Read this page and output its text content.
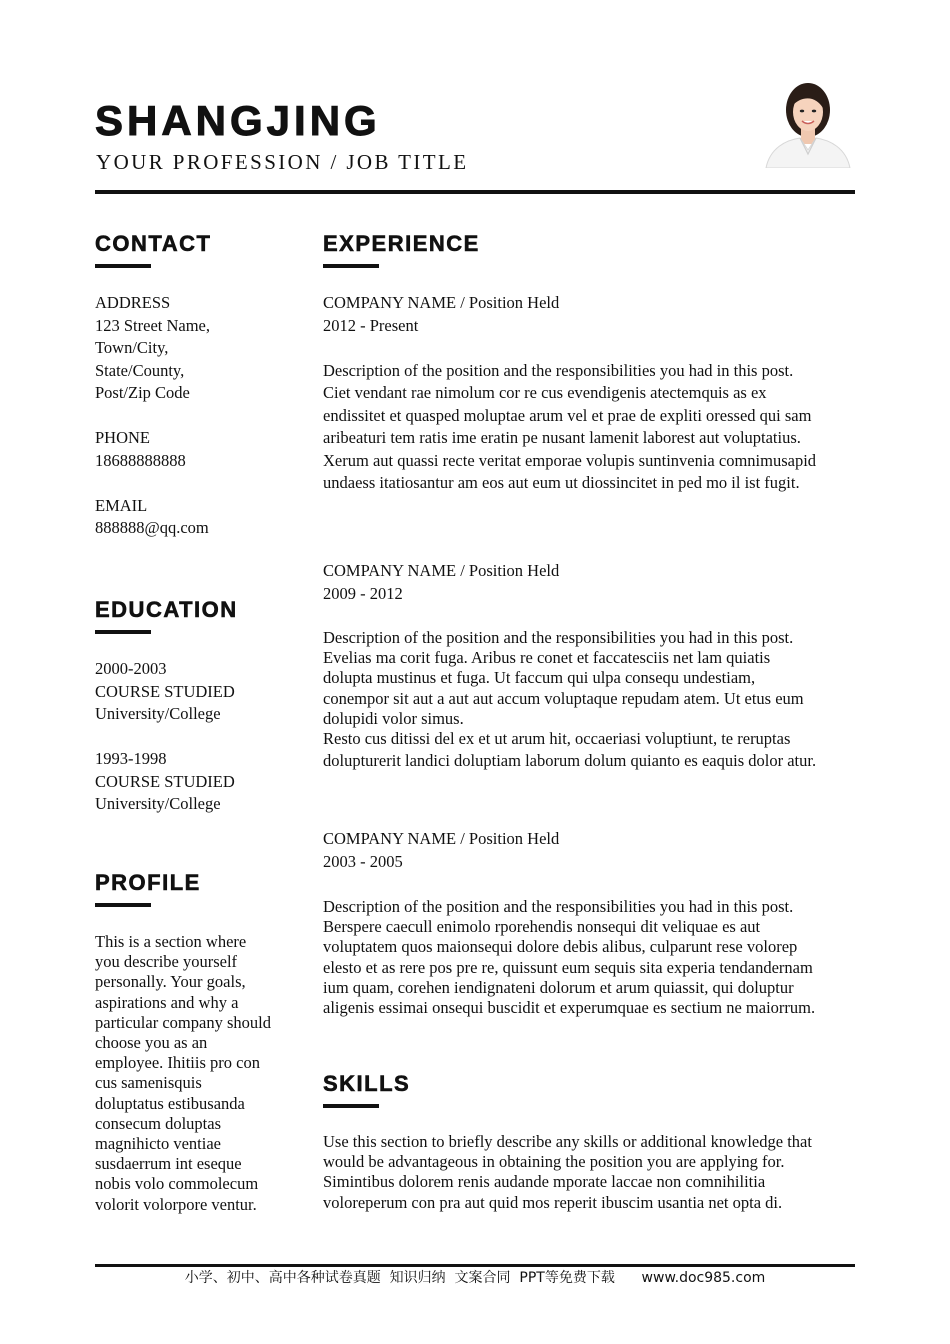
SHANGJING
YOUR PROFESSION / JOB TITLE
CONTACT
ADDRESS
123 Street Name,
Town/City,
State/County,
Post/Zip Code
PHONE
18688888888
EMAIL
888888@qq.com
EDUCATION
2000-2003
COURSE STUDIED
University/College
1993-1998
COURSE STUDIED
University/College
PROFILE
This is a section where
you describe yourself
personally. Your goals,
aspirations and why a
particular company should
choose you as an
employee. Ihitiis pro con
cus samenisquis
doluptatus estibusanda
consecum doluptas
magnihicto ventiae
susdaerrum int eseque
nobis volo commolecum
volorit volorpore ventur.
EXPERIENCE
COMPANY NAME / Position Held
2012 - Present
Description of the position and the responsibilities you had in this post.
Ciet vendant rae nimolum cor re cus evendigenis atectemquis as ex
endissitet et quasped moluptae arum vel et prae de expliti oressed qui sam
aribeaturi tem ratis ime eratin pe nusant lamenit laborest aut voluptatius.
Xerum aut quassi recte veritat emporae volupis suntinvenia comnimusapid
undaess itatiosantur am eos aut eum ut diossincitet in ped mo il ist fugit.
COMPANY NAME / Position Held
2009 - 2012
Description of the position and the responsibilities you had in this post.
Evelias ma corit fuga. Aribus re conet et faccatesciis net lam quiatis
dolupta mustinus et fuga. Ut faccum qui ulpa consequ undestiam,
conempor sit aut a aut aut accum voluptaque repudam atem. Ut etus eum
dolupidi volor simus.
Resto cus ditissi del ex et ut arum hit, occaeriasi voluptiunt, te reruptas
dolupturerit landici doluptiam laborum dolum quianto es eaquis dolor atur.
COMPANY NAME / Position Held
2003 - 2005
Description of the position and the responsibilities you had in this post.
Berspere caecull enimolo rporehendis nonsequi dit veliquae es aut
voluptatem quos maionsequi dolore debis alibus, culparunt rese volorep
elesto et as rere pos pre re, quissunt eum sequis sita experia tendandernam
ium quam, corehen iendignateni dolorum et arum quiassit, qui doluptur
aligenis essimai onsequi buscidit et experumquae es sectium ne maiorrum.
SKILLS
Use this section to briefly describe any skills or additional knowledge that
would be advantageous in obtaining the position you are applying for.
Simintibus dolorem renis audande mporate laccae non comnihilitia
voloreperum con pra aut quid mos reperit ibuscim usantia net opta di.
小学、初中、高中各种试卷真题  知识归纳  文案合同  PPT等免费下载 www.doc985.com
